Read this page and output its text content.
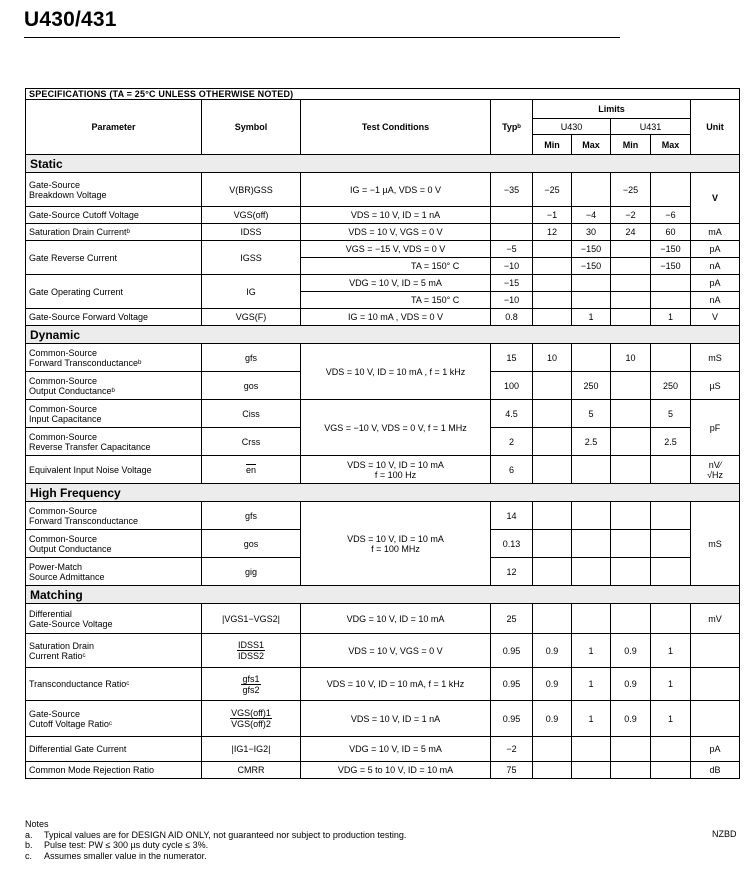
U430/431
SPECIFICATIONS (TA = 25°C UNLESS OTHERWISE NOTED)								
Parameter	Symbol	Test Conditions	Typᵇ	Limits				Unit
				U430		U431		
				Min	Max	Min	Max	
Static								

Gate-Source
Breakdown Voltage	V(BR)GSS	IG = −1 µA, VDS = 0 V	−35	−25		−25		V
Gate-Source Cutoff Voltage	VGS(off)	VDS = 10 V, ID = 1 nA		−1	−4	−2	−6	
Saturation Drain Currentᵇ	IDSS	VDS = 10 V, VGS = 0 V		12	30	24	60	mA
Gate Reverse Current	IGSS	VGS = −15 V, VDS = 0 V	−5		−150		−150	pA
		TA = 150° C	−10		−150		−150	nA
Gate Operating Current	IG	VDG = 10 V, ID = 5 mA	−15					pA
		TA = 150° C	−10					nA
Gate-Source Forward Voltage	VGS(F)	IG = 10 mA , VDS = 0 V	0.8		1		1	V
Dynamic								

Common-Source
Forward Transconductanceᵇ	gfs	VDS = 10 V, ID = 10 mA , f = 1 kHz	15	10		10		mS

Common-Source
Output Conductanceᵇ	gos		100		250		250	µS

Common-Source
Input Capacitance	Ciss	VGS = −10 V, VDS = 0 V, f = 1 MHz	4.5		5		5	pF

Common-Source
Reverse Transfer Capacitance	Crss		2		2.5		2.5	
Equivalent Input Noise Voltage	$\overline{en}$	VDS = 10 V, ID = 10 mA
f = 100 Hz	6					nV⁄
√Hz

High Frequency								

Common-Source
Forward Transconductance	gfs	VDS = 10 V, ID = 10 mA
f = 100 MHz	14					mS

Common-Source
Output Conductance	gos		0.13					

Power-Match
Source Admittance	gig		12					
Matching								

Differential
Gate-Source Voltage	|VGS1−VGS2|	VDG = 10 V, ID = 10 mA	25					mV

Saturation Drain
Current Ratioᶜ	$\frac{\text{IDSS1}}{\text{IDSS2}}$	VDS = 10 V, VGS = 0 V	0.95	0.9	1	0.9	1	
Transconductance Ratioᶜ	$\frac{\text{gfs1}}{\text{gfs2}}$	VDS = 10 V, ID = 10 mA, f = 1 kHz	0.95	0.9	1	0.9	1	

Gate-Source
Cutoff Voltage Ratioᶜ	$\frac{\text{VGS(off)1}}{\text{VGS(off)2}}$	VDS = 10 V, ID = 1 nA	0.95	0.9	1	0.9	1	
Differential Gate Current	|IG1−IG2|	VDG = 10 V, ID = 5 mA	−2					pA
Common Mode Rejection Ratio	CMRR	VDG = 5 to 10 V, ID = 10 mA	75					dB
Notes
a.	Typical values are for DESIGN AID ONLY, not guaranteed nor subject to production testing.
b.	Pulse test: PW ≤ 300 µs duty cycle ≤ 3%.
c.	Assumes smaller value in the numerator.
NZBD
